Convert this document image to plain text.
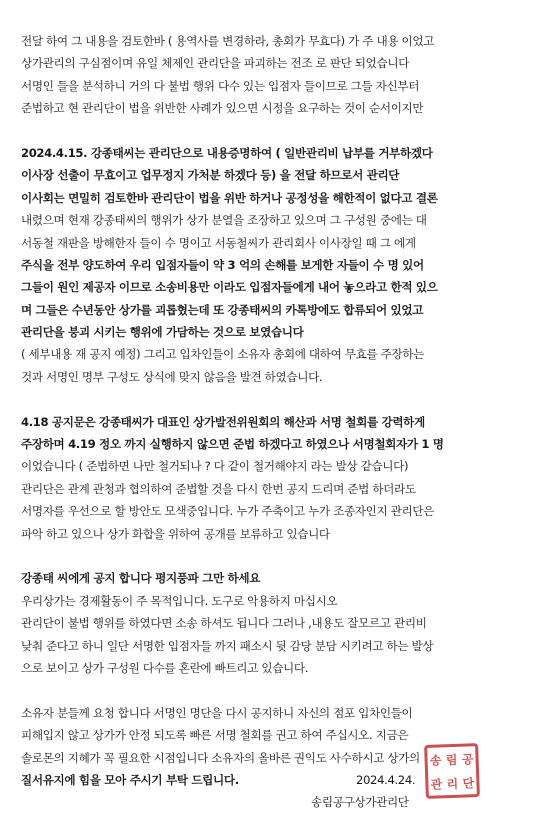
전달 하여 그 내용을 검토한바 ( 용역사를 변경하라, 총회가 무효다) 가 주 내용 이었고
상가관리의 구심점이며 유일 체제인 관리단을 파괴하는 전조 로 판단 되었습니다
서명인 들을 분석하니 거의 다 불법 행위 다수 있는 입점자 들이므로 그들 자신부터
준법하고 현 관리단이 법을 위반한 사례가 있으면 시정을 요구하는 것이 순서이지만
2024.4.15. 강종태씨는 관리단으로 내용증명하여 ( 일반관리비 납부를 거부하겠다
이사장 선출이 무효이고 업무정지 가처분 하겠다 등) 을 전달 하므로서 관리단
이사회는 면밀히 검토한바 관리단이 법을 위반 하거나 공정성을 해한적이 없다고 결론
내렸으며 현재 강종태씨의 행위가 상가 분열을 조장하고 있으며 그 구성원 중에는 대
서동철 재판을 방해한자 들이 수 명이고 서동철씨가 관리회사 이사장일 때 그 에게
주식을 전부 양도하여 우리 입점자들이 약 3 억의 손해를 보게한 자들이 수 명 있어
그들이 원인 제공자 이므로 소송비용만 이라도 입점자들에게 내어 놓으라고 한적 있으
며 그들은 수년동안 상가를 괴롭혔는데 또 강종태씨의 카톡방에도 합류되어 있었고
관리단을 붕괴 시키는 행위에 가담하는 것으로 보였습니다
( 세부내용 재 공지 예정) 그리고 입차인들이 소유자 총회에 대하여 무효를 주장하는
것과 서명인 명부 구성도 상식에 맞지 않음을 발견 하였습니다.
4.18 공지문은 강종태씨가 대표인 상가발전위원회의 해산과 서명 철회를 강력하게
주장하며 4.19 정오 까지 실행하지 않으면 준법 하겠다고 하였으나 서명철회자가 1 명
이었습니다 ( 준법하면 나만 철거되나 ? 다 같이 철거해야지 라는 발상 같습니다)
관리단은 관계 관청과 협의하여 준법할 것을 다시 한번 공지 드리며 준법 하더라도
서명자를 우선으로 할 방안도 모색중입니다. 누가 주축이고 누가 조종자인지 관리단은
파악 하고 있으나 상가 화합을 위하여 공개를 보류하고 있습니다
강종태 씨에게 공지 합니다 평지풍파 그만 하세요
우리상가는 경제활동이 주 목적입니다. 도구로 악용하지 마십시오
관리단이 불법 행위를 하였다면 소송 하셔도 됩니다 그러나 ,내용도 잘모르고 관리비
낮춰 준다고 하니 일단 서명한 입점자들 까지 패소시 뒷 감당 분담 시키려고 하는 발상
으로 보이고 상가 구성원 다수를 혼란에 빠트리고 있습니다.
소유자 분들께 요청 합니다 서명인 명단을 다시 공지하니 자신의 점포 입차인들이
피해입지 않고 상가가 안정 되도록 빠른 서명 철회를 권고 하여 주십시오. 지금은
솔로몬의 지혜가 꼭 필요한 시점입니다 소유자의 올바른 권익도 사수하시고 상가의
질서유지에 힘을 모아 주시기 부탁 드립니다.	2024.4.24.
송림공구상가관리단
송 림 공
관 리 단
